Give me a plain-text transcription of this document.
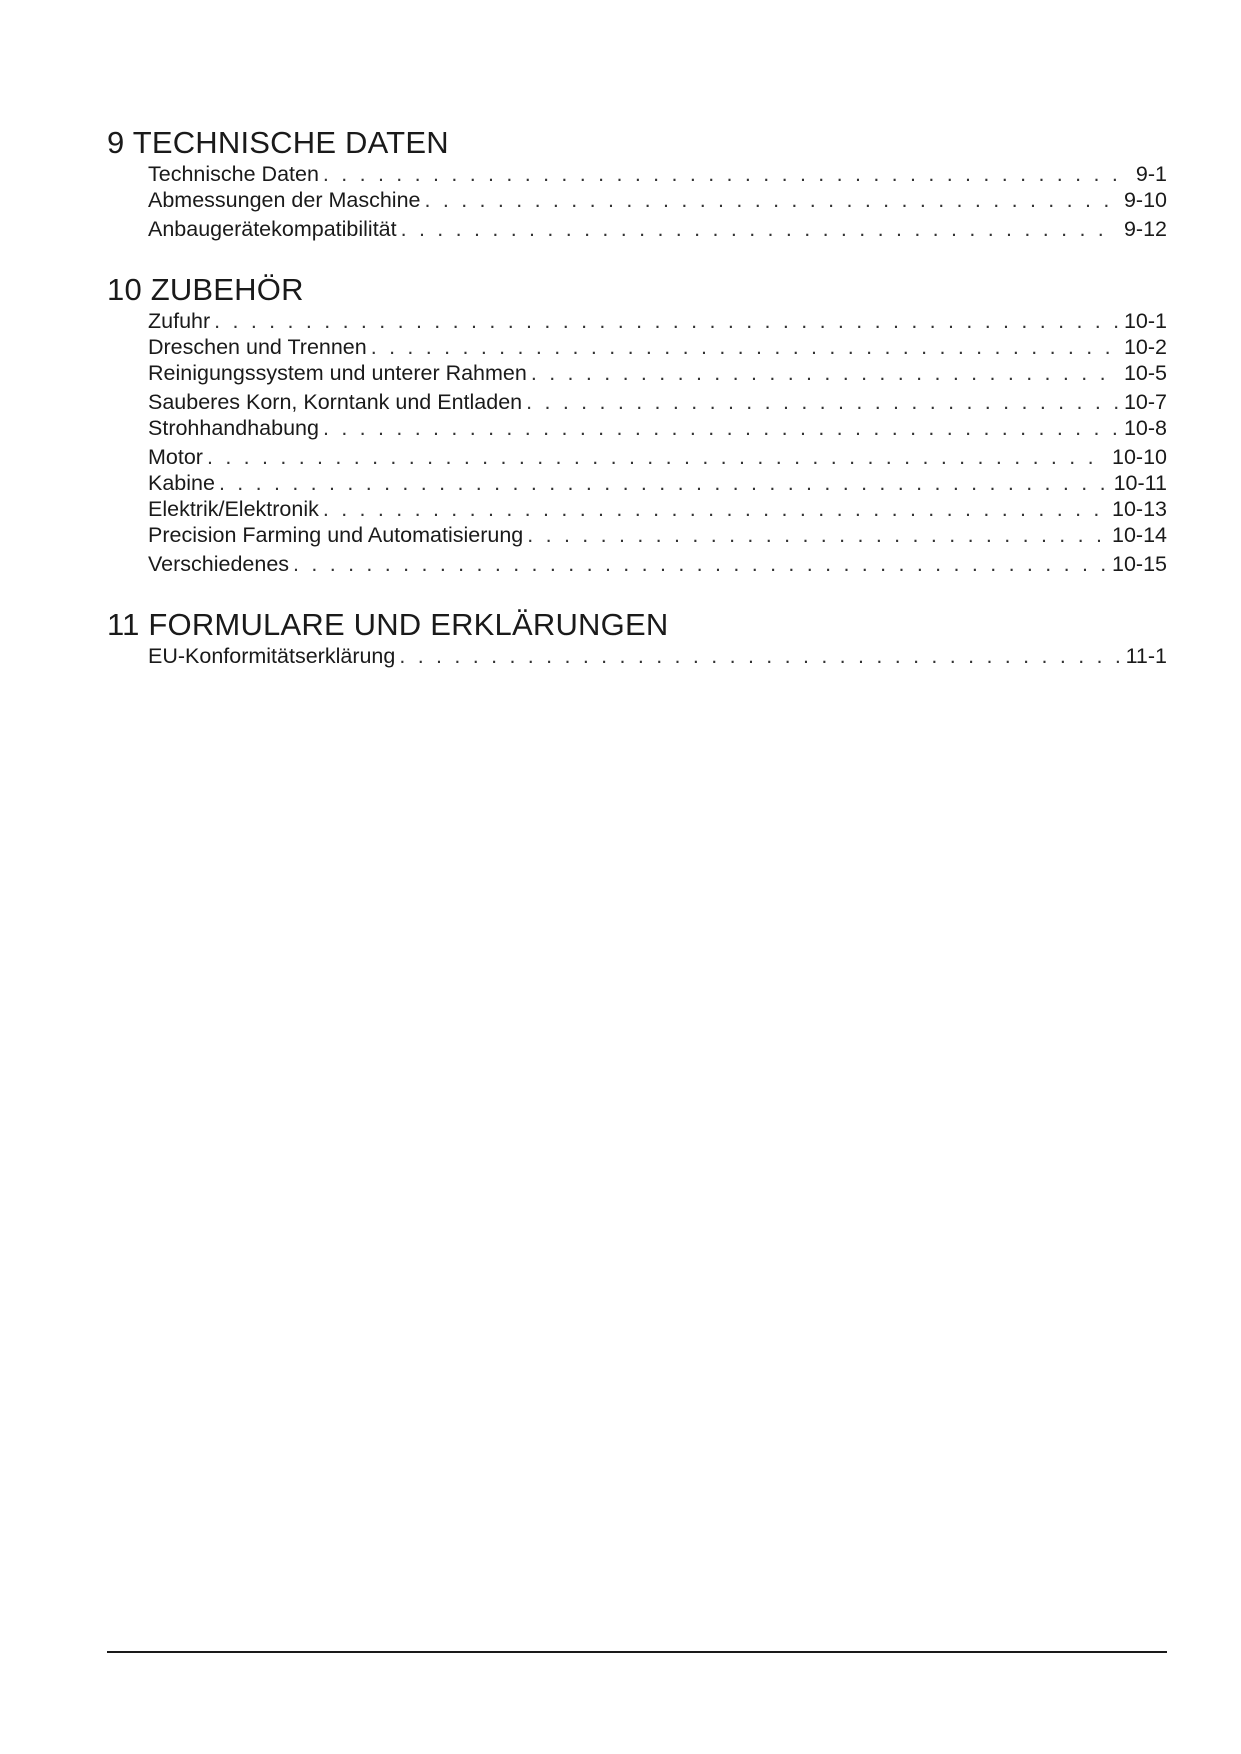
9 TECHNISCHE DATEN
Technische Daten . . .	9-1
Abmessungen der Maschine . . .	9-10
Anbaugerätekompatibilität . . .	9-12
10 ZUBEHÖR
Zufuhr . . .	10-1
Dreschen und Trennen . . .	10-2
Reinigungssystem und unterer Rahmen . . .	10-5
Sauberes Korn, Korntank und Entladen . . .	10-7
Strohhandhabung . . .	10-8
Motor . . .	10-10
Kabine . . .	10-11
Elektrik/Elektronik . . .	10-13
Precision Farming und Automatisierung . . .	10-14
Verschiedenes . . .	10-15
11 FORMULARE UND ERKLÄRUNGEN
EU-Konformitätserklärung . . .	11-1
